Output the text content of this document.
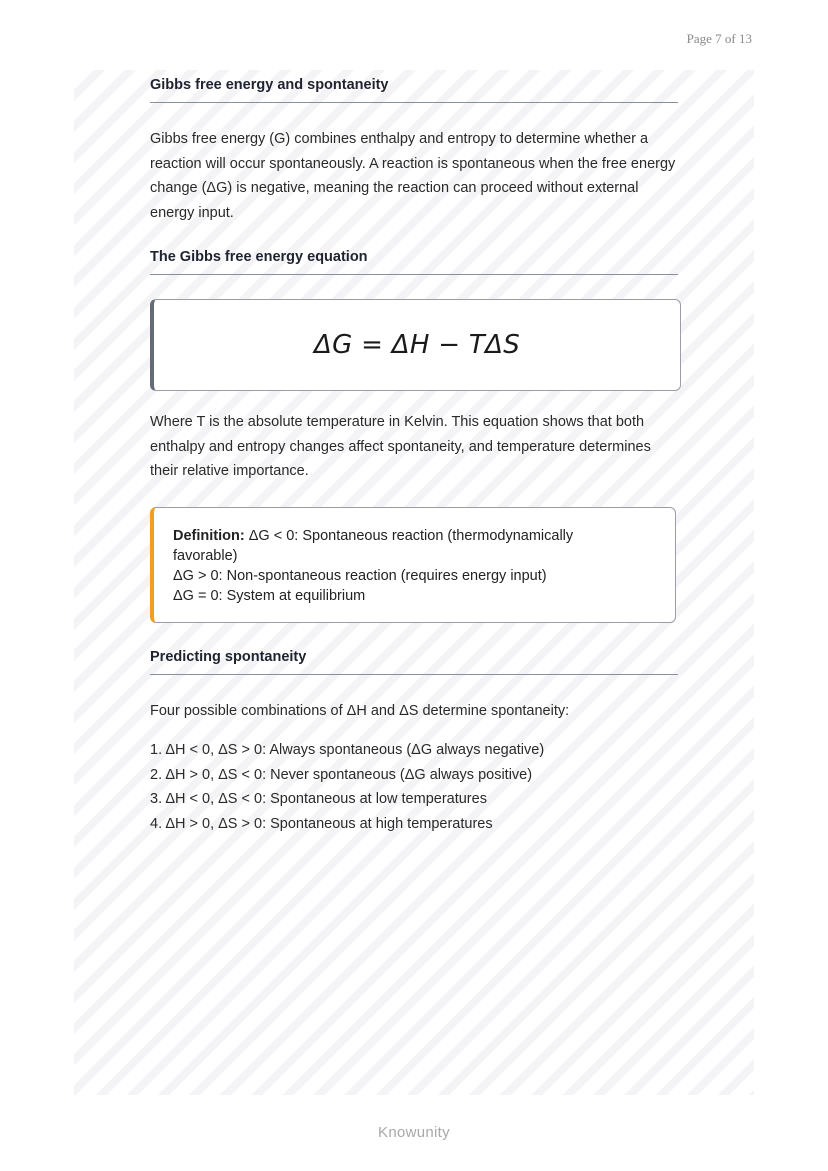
Page 7 of 13
Gibbs free energy and spontaneity
Gibbs free energy (G) combines enthalpy and entropy to determine whether a reaction will occur spontaneously. A reaction is spontaneous when the free energy change (ΔG) is negative, meaning the reaction can proceed without external energy input.
The Gibbs free energy equation
ΔG = ΔH − TΔS
Where T is the absolute temperature in Kelvin. This equation shows that both enthalpy and entropy changes affect spontaneity, and temperature determines their relative importance.
Definition: ΔG < 0: Spontaneous reaction (thermodynamically favorable)
ΔG > 0: Non-spontaneous reaction (requires energy input)
ΔG = 0: System at equilibrium
Predicting spontaneity
Four possible combinations of ΔH and ΔS determine spontaneity:
1. ΔH < 0, ΔS > 0: Always spontaneous (ΔG always negative)
2. ΔH > 0, ΔS < 0: Never spontaneous (ΔG always positive)
3. ΔH < 0, ΔS < 0: Spontaneous at low temperatures
4. ΔH > 0, ΔS > 0: Spontaneous at high temperatures
Knowunity
